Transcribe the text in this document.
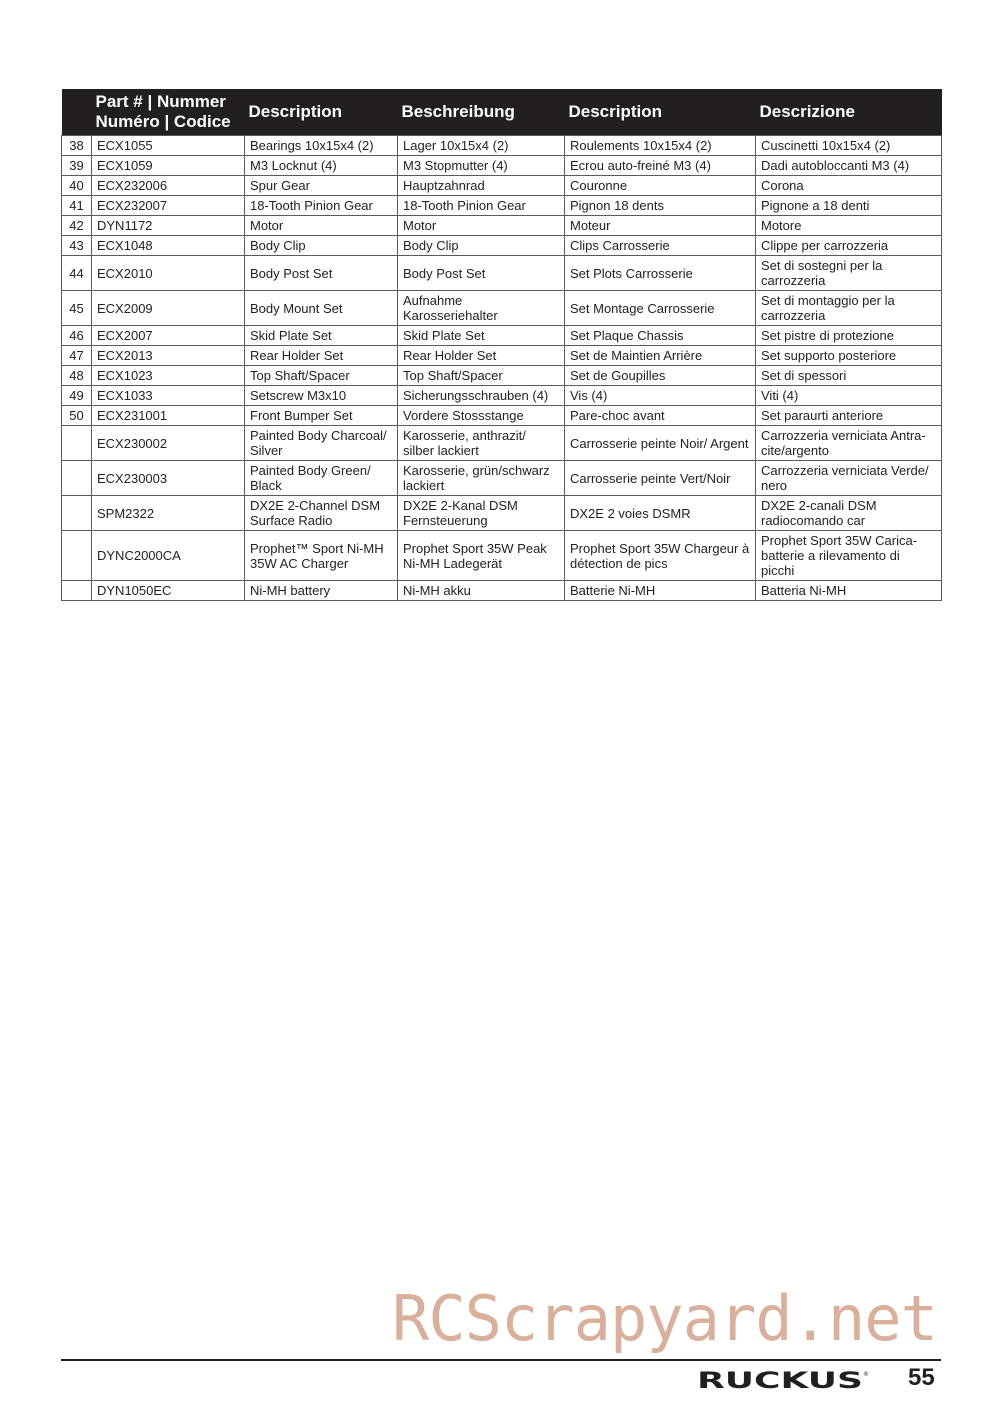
	Part # | Nummer Numéro | Codice	Description	Beschreibung	Description	Descrizione
38	ECX1055	Bearings 10x15x4 (2)	Lager 10x15x4 (2)	Roulements 10x15x4 (2)	Cuscinetti 10x15x4 (2)
39	ECX1059	M3 Locknut (4)	M3 Stopmutter (4)	Ecrou auto-freiné M3 (4)	Dadi autobloccanti M3 (4)
40	ECX232006	Spur Gear	Hauptzahnrad	Couronne	Corona
41	ECX232007	18-Tooth Pinion Gear	18-Tooth Pinion Gear	Pignon 18 dents	Pignone a 18 denti
42	DYN1172	Motor	Motor	Moteur	Motore
43	ECX1048	Body Clip	Body Clip	Clips Carrosserie	Clippe per carrozzeria
44	ECX2010	Body Post Set	Body Post Set	Set Plots Carrosserie	Set di sostegni per la carrozzeria
45	ECX2009	Body Mount Set	Aufnahme Karosseriehalter	Set Montage Carrosserie	Set di montaggio per la carrozzeria
46	ECX2007	Skid Plate Set	Skid Plate Set	Set Plaque Chassis	Set pistre di protezione
47	ECX2013	Rear Holder Set	Rear Holder Set	Set de Maintien Arrière	Set supporto posteriore
48	ECX1023	Top Shaft/Spacer	Top Shaft/Spacer	Set de Goupilles	Set di spessori
49	ECX1033	Setscrew M3x10	Sicherungsschrauben (4)	Vis (4)	Viti (4)
50	ECX231001	Front Bumper Set	Vordere Stossstange	Pare-choc avant	Set paraurti anteriore
	ECX230002	Painted Body Charcoal/ Silver	Karosserie, anthrazit/ silber lackiert	Carrosserie peinte Noir/ Argent	Carrozzeria verniciata Antra-cite/argento
	ECX230003	Painted Body Green/ Black	Karosserie, grün/schwarz lackiert	Carrosserie peinte Vert/Noir	Carrozzeria verniciata Verde/ nero
	SPM2322	DX2E 2-Channel DSM Surface Radio	DX2E 2-Kanal DSM Fernsteuerung	DX2E 2 voies DSMR	DX2E 2-canali DSM radiocomando car
	DYNC2000CA	Prophet™ Sport Ni-MH 35W AC Charger	Prophet Sport 35W Peak Ni-MH Ladegerät	Prophet Sport 35W Chargeur à détection de pics	Prophet Sport 35W Carica-batterie a rilevamento di picchi
	DYN1050EC	Ni-MH battery	Ni-MH akku	Batterie Ni-MH	Batteria Ni-MH
RCScrapyard.net
RUCKUS ® 55
